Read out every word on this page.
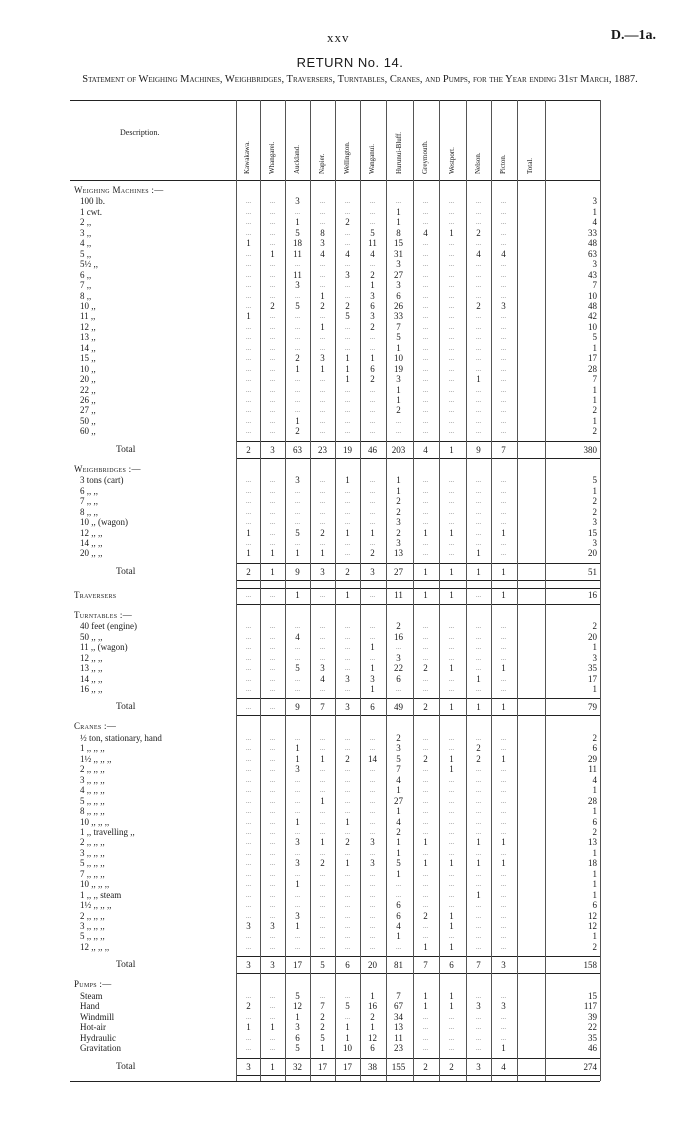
xxv	D.—1a.
RETURN No. 14.
Statement of Weighing Machines, Weighbridges, Traversers, Turntables, Cranes, and Pumps, for the Year ending 31st March, 1887.
Description.
Kawakawa. Whangarei. Auckland. Napier. Wellington.	Wanganui.	Hurunui-Bluff.	Greymouth.	Westport.	Nelson.	Picton.	Total.
Weighing Machines :—
100 lb.	...	...	3	...	...	...	...	...	...	...	...	3
1 cwt.	...	...	...	...	...	...	1	...	...	...	...	1
2 ,,	...	...	1	...	2	...	1	...	...	...	...	4
3 ,,	...	...	5	8	...	5	8	4	1	2	...	33
4 ,,	1	...	18	3	...	11	15	...	...	...	...	48
5 ,,	...	1	11	4	4	4	31	...	...	4	4	63
5½ ,,	...	...	...	...	...	...	3	...	...	...	...	3
6 ,,	...	...	11	...	3	2	27	...	...	...	...	43
7 ,,	...	...	3	...	...	1	3	...	...	...	...	7
8 ,,	...	...	...	1	...	3	6	...	...	...	...	10
10 ,,	...	2	5	2	2	6	26	...	...	2	3	48
11 ,,	1	...	...	...	5	3	33	...	...	...	...	42
12 ,,	...	...	...	1	...	2	7	...	...	...	...	10
13 ,,	...	...	...	...	...	...	5	...	...	...	...	5
14 ,,	...	...	...	...	...	...	1	...	...	...	...	1
15 ,,	...	...	2	3	1	1	10	...	...	...	...	17
10 ,,	...	...	1	1	1	6	19	...	...	...	...	28
20 ,,	...	...	...	...	1	2	3	...	...	1	...	7
22 ,,	...	...	...	...	...	...	1	...	...	...	...	1
26 ,,	...	...	...	...	...	...	1	...	...	...	...	1
27 ,,	...	...	...	...	...	...	2	...	...	...	...	2
50 ,,	...	...	1	...	...	...	...	...	...	...	...	1
60 ,,	...	...	2	...	...	...	...	...	...	...	...	2
Total	2	3	63	23	19	46	203	4	1	9	7	380
Weighbridges :—
3 tons (cart)	...	...	3	...	1	...	1	...	...	...	...	5
6 ,, ,,	...	...	...	...	...	...	1	...	...	...	...	1
7 ,, ,,	...	...	...	...	...	...	2	...	...	...	...	2
8 ,, ,,	...	...	...	...	...	...	2	...	...	...	...	2
10 ,, (wagon)	...	...	...	...	...	...	3	...	...	...	...	3
12 ,, ,,	1	...	5	2	1	1	2	1	1	...	1	15
14 ,, ,,	...	...	...	...	...	...	3	...	...	...	...	3
20 ,, ,,	1	1	1	1	...	2	13	...	...	1	...	20
Total	2	1	9	3	2	3	27	1	1	1	1	51
Traversers	...	...	1	...	1	...	11	1	1	...	1	16
Turntables :—
40 feet (engine)	...	...	...	...	...	...	2	...	...	...	...	2
50 ,, ,,	...	...	4	...	...	...	16	...	...	...	...	20
11 ,, (wagon)	...	...	...	...	...	1	...	...	...	...	...	1
12 ,, ,,	...	...	...	...	...	...	3	...	...	...	...	3
13 ,, ,,	...	...	5	3	...	1	22	2	1	...	1	35
14 ,, ,,	...	...	...	4	3	3	6	...	...	1	...	17
16 ,, ,,	...	...	...	...	...	1	...	...	...	...	...	1
Total	...	...	9	7	3	6	49	2	1	1	1	79
Cranes :—
½ ton, stationary, hand	...	...	...	...	...	...	2	...	...	...	...	2
1 ,, ,, ,,	...	...	1	...	...	...	3	...	...	2	...	6
1½ ,, ,, ,,	...	...	1	1	2	14	5	2	1	2	1	29
2 ,, ,, ,,	...	...	3	...	...	...	7	...	1	...	...	11
3 ,, ,, ,,	...	...	...	...	...	...	4	...	...	...	...	4
4 ,, ,, ,,	...	...	...	...	...	...	1	...	...	...	...	1
5 ,, ,, ,,	...	...	...	1	...	...	27	...	...	...	...	28
8 ,, ,, ,,	...	...	...	...	...	...	1	...	...	...	...	1
10 ,, ,, ,,	...	...	1	...	1	...	4	...	...	...	...	6
1 ,, travelling ,,	...	...	...	...	...	...	2	...	...	...	...	2
2 ,, ,, ,,	...	...	3	1	2	3	1	1	...	1	1	13
3 ,, ,, ,,	...	...	...	...	...	...	1	...	...	...	...	1
5 ,, ,, ,,	...	...	3	2	1	3	5	1	1	1	1	18
7 ,, ,, ,,	...	...	...	...	...	...	1	...	...	...	...	1
10 ,, ,, ,,	...	...	1	...	...	...	...	...	...	...	...	1
1 ,, ,, steam	...	...	...	...	...	...	...	...	...	1	...	1
1½ ,, ,, ,,	...	...	...	...	...	...	6	...	...	...	...	6
2 ,, ,, ,,	...	...	3	...	...	...	6	2	1	...	...	12
3 ,, ,, ,,	3	3	1	...	...	...	4	...	1	...	...	12
5 ,, ,, ,,	...	...	...	...	...	...	1	...	...	...	...	1
12 ,, ,, ,,	...	...	...	...	...	...	...	1	1	...	...	2
Total	3	3	17	5	6	20	81	7	6	7	3	158
Pumps :—
Steam	...	...	5	...	...	1	7	1	1	...	...	15
Hand	2	...	12	7	5	16	67	1	1	3	3	117
Windmill	...	...	1	2	...	2	34	...	...	...	...	39
Hot-air	1	1	3	2	1	1	13	...	...	...	...	22
Hydraulic	...	...	6	5	1	12	11	...	...	...	...	35
Gravitation	...	...	5	1	10	6	23	...	...	...	1	46
Total	3	1	32	17	17	38	155	2	2	3	4	274
